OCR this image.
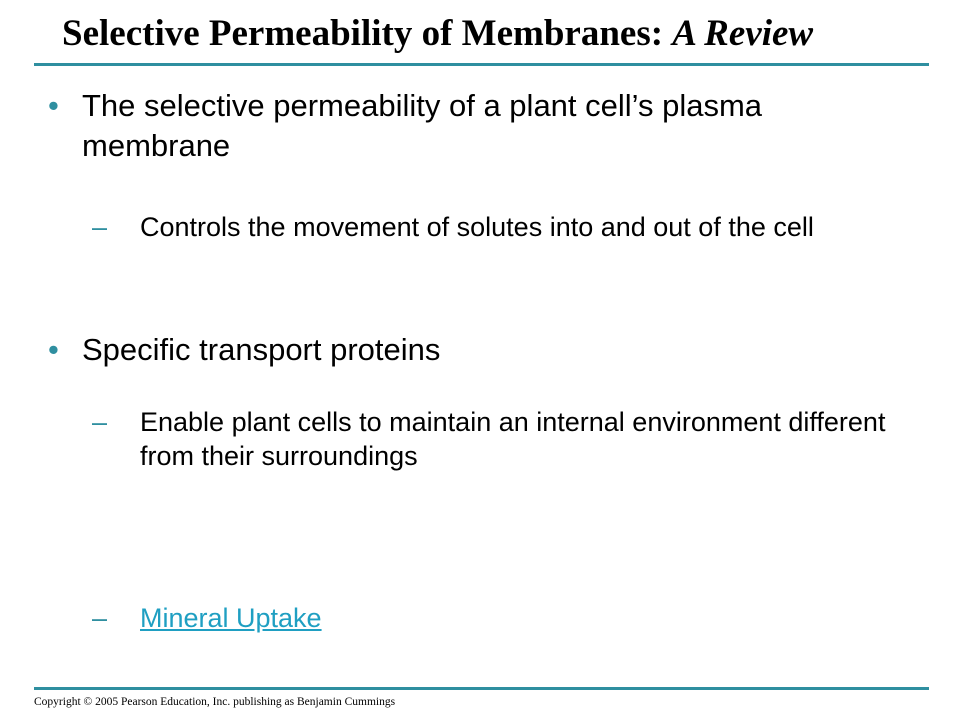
Selective Permeability of Membranes: A Review
• The selective permeability of a plant cell’s plasma membrane
– Controls the movement of solutes into and out of the cell
• Specific transport proteins
– Enable plant cells to maintain an internal environment different from their surroundings
– Mineral Uptake
Copyright © 2005 Pearson Education, Inc. publishing as Benjamin Cummings
